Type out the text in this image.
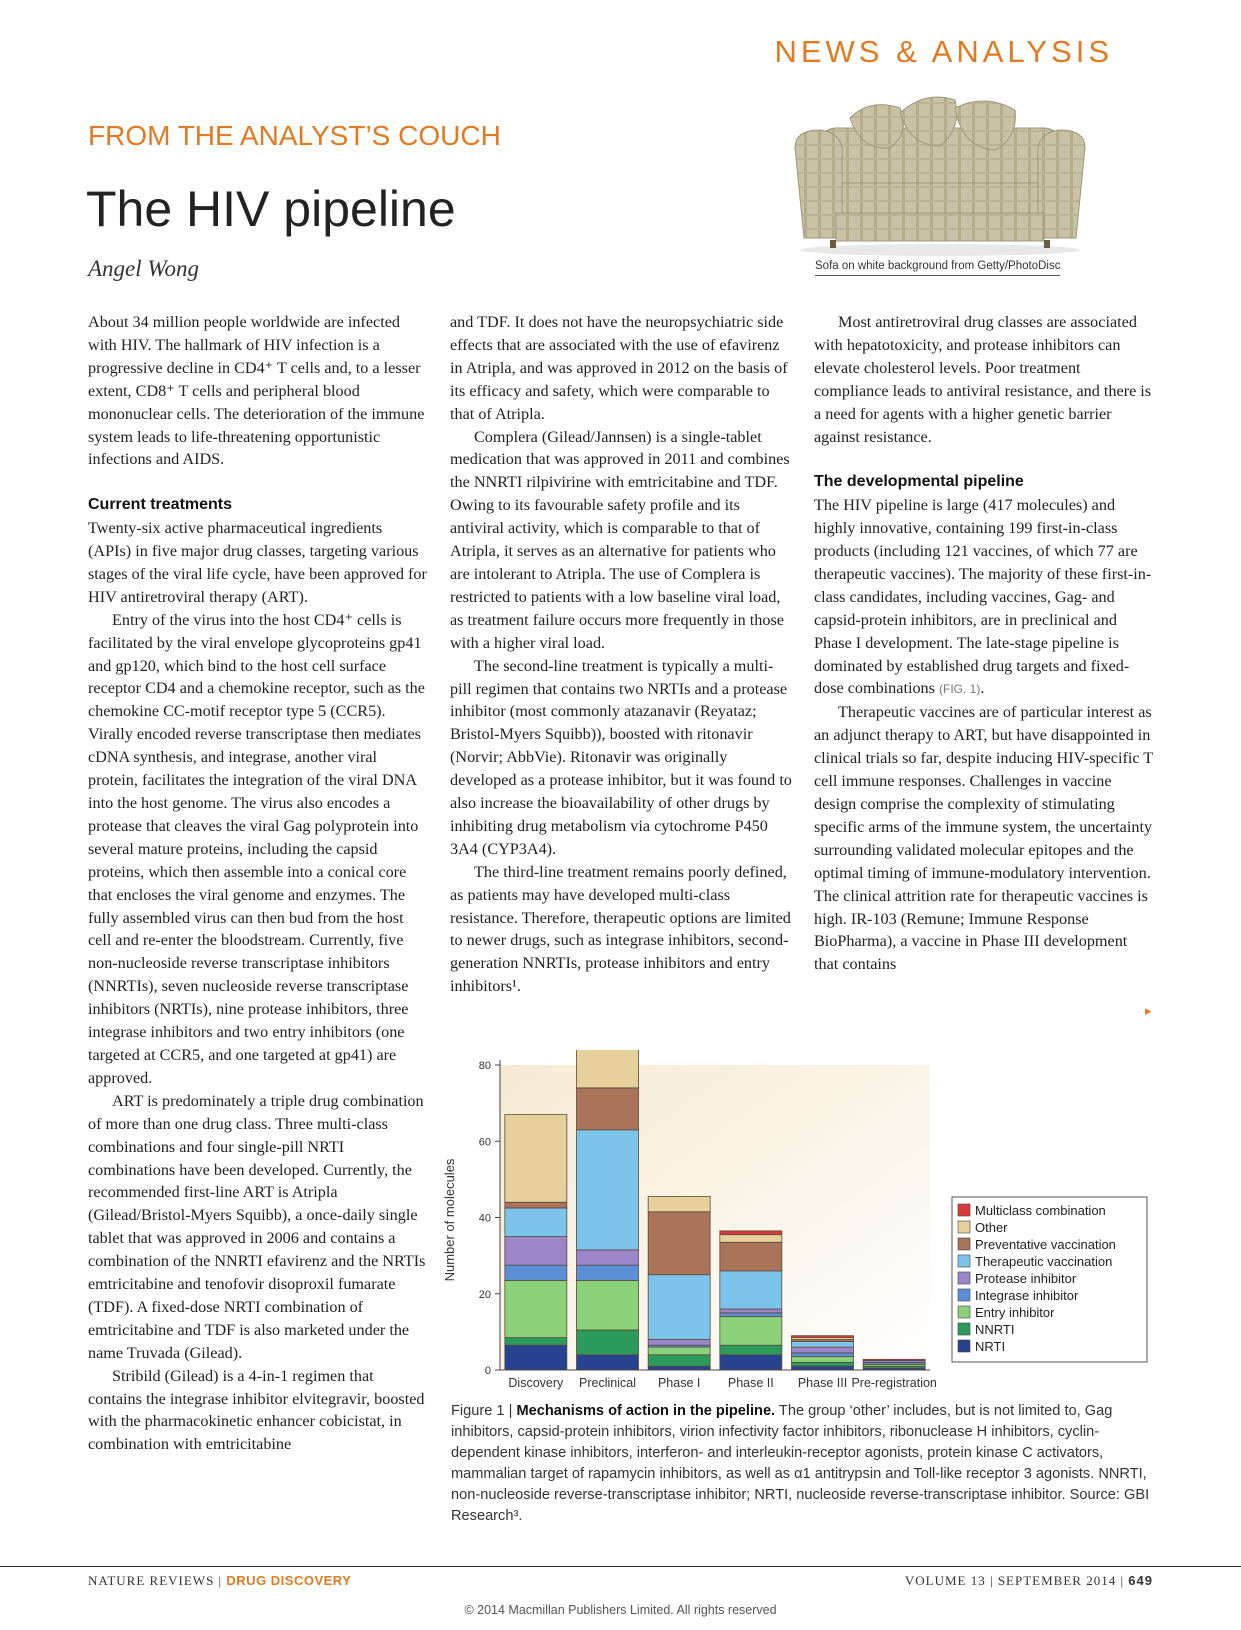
NEWS & ANALYSIS
FROM THE ANALYST’S COUCH
The HIV pipeline
Angel Wong	Sofa on white background from Getty/PhotoDisc

About 34 million people worldwide are infected with HIV. The hallmark of HIV infection is a progressive decline in CD4⁺ T cells and, to a lesser extent, CD8⁺ T cells and peripheral blood mononuclear cells. The deterioration of the immune system leads to life-threatening opportunistic infections and AIDS.

Current treatments

Twenty-six active pharmaceutical ingredients (APIs) in five major drug classes, targeting various stages of the viral life cycle, have been approved for HIV antiretroviral therapy (ART).

Entry of the virus into the host CD4⁺ cells is facilitated by the viral envelope glycoproteins gp41 and gp120, which bind to the host cell surface receptor CD4 and a chemokine receptor, such as the chemokine CC-motif receptor type 5 (CCR5). Virally encoded reverse transcriptase then mediates cDNA synthesis, and integrase, another viral protein, facilitates the integration of the viral DNA into the host genome. The virus also encodes a protease that cleaves the viral Gag polyprotein into several mature proteins, including the capsid proteins, which then assemble into a conical core that encloses the viral genome and enzymes. The fully assembled virus can then bud from the host cell and re-enter the bloodstream. Currently, five non-nucleoside reverse transcriptase inhibitors (NNRTIs), seven nucleoside reverse transcriptase inhibitors (NRTIs), nine protease inhibitors, three integrase inhibitors and two entry inhibitors (one targeted at CCR5, and one targeted at gp41) are approved.

ART is predominately a triple drug combination of more than one drug class. Three multi-class combinations and four single-pill NRTI combinations have been developed. Currently, the recommended first-line ART is Atripla (Gilead/Bristol-Myers Squibb), a once-daily single tablet that was approved in 2006 and contains a combination of the NNRTI efavirenz and the NRTIs emtricitabine and tenofovir disoproxil fumarate (TDF). A fixed-dose NRTI combination of emtricitabine and TDF is also marketed under the name Truvada (Gilead).

Stribild (Gilead) is a 4-in-1 regimen that contains the integrase inhibitor elvitegravir, boosted with the pharmacokinetic enhancer cobicistat, in combination with emtricitabine

and TDF. It does not have the neuropsychiatric side effects that are associated with the use of efavirenz in Atripla, and was approved in 2012 on the basis of its efficacy and safety, which were comparable to that of Atripla.

Complera (Gilead/Jannsen) is a single-tablet medication that was approved in 2011 and combines the NNRTI rilpivirine with emtricitabine and TDF. Owing to its favourable safety profile and its antiviral activity, which is comparable to that of Atripla, it serves as an alternative for patients who are intolerant to Atripla. The use of Complera is restricted to patients with a low baseline viral load, as treatment failure occurs more frequently in those with a higher viral load.

The second-line treatment is typically a multi-pill regimen that contains two NRTIs and a protease inhibitor (most commonly atazanavir (Reyataz; Bristol-Myers Squibb)), boosted with ritonavir (Norvir; AbbVie). Ritonavir was originally developed as a protease inhibitor, but it was found to also increase the bioavailability of other drugs by inhibiting drug metabolism via cytochrome P450 3A4 (CYP3A4).

The third-line treatment remains poorly defined, as patients may have developed multi-class resistance. Therefore, therapeutic options are limited to newer drugs, such as integrase inhibitors, second-generation NNRTIs, protease inhibitors and entry inhibitors¹.

Most antiretroviral drug classes are associated with hepatotoxicity, and protease inhibitors can elevate cholesterol levels. Poor treatment compliance leads to antiviral resistance, and there is a need for agents with a higher genetic barrier against resistance.

The developmental pipeline

The HIV pipeline is large (417 molecules) and highly innovative, containing 199 first-in-class products (including 121 vaccines, of which 77 are therapeutic vaccines). The majority of these first-in-class candidates, including vaccines, Gag- and capsid-protein inhibitors, are in preclinical and Phase I development. The late-stage pipeline is dominated by established drug targets and fixed-dose combinations (FIG. 1).

Therapeutic vaccines are of particular interest as an adjunct therapy to ART, but have disappointed in clinical trials so far, despite inducing HIV-specific T cell immune responses. Challenges in vaccine design comprise the complexity of stimulating specific arms of the immune system, the uncertainty surrounding validated molecular epitopes and the optimal timing of immune-modulatory intervention. The clinical attrition rate for therapeutic vaccines is high. IR-103 (Remune; Immune Response BioPharma), a vaccine in Phase III development that contains

▸
0
20
40
60
80
Discovery Preclinical Phase I Phase II Phase III Pre-registration
Number of molecules	Multiclass combination
Other
Preventative vaccination
Therapeutic vaccination
Protease inhibitor
Integrase inhibitor
Entry inhibitor
NNRTI
NRTI
Figure 1 | Mechanisms of action in the pipeline. The group ‘other’ includes, but is not limited to, Gag inhibitors, capsid-protein inhibitors, virion infectivity factor inhibitors, ribonuclease H inhibitors, cyclin-dependent kinase inhibitors, interferon- and interleukin-receptor agonists, protein kinase C activators, mammalian target of rapamycin inhibitors, as well as α1 antitrypsin and Toll-like receptor 3 agonists. NNRTI, non-nucleoside reverse-transcriptase inhibitor; NRTI, nucleoside reverse-transcriptase inhibitor. Source: GBI Research³.
NATURE REVIEWS | DRUG DISCOVERY	VOLUME 13 | SEPTEMBER 2014 | 649
© 2014 Macmillan Publishers Limited. All rights reserved
